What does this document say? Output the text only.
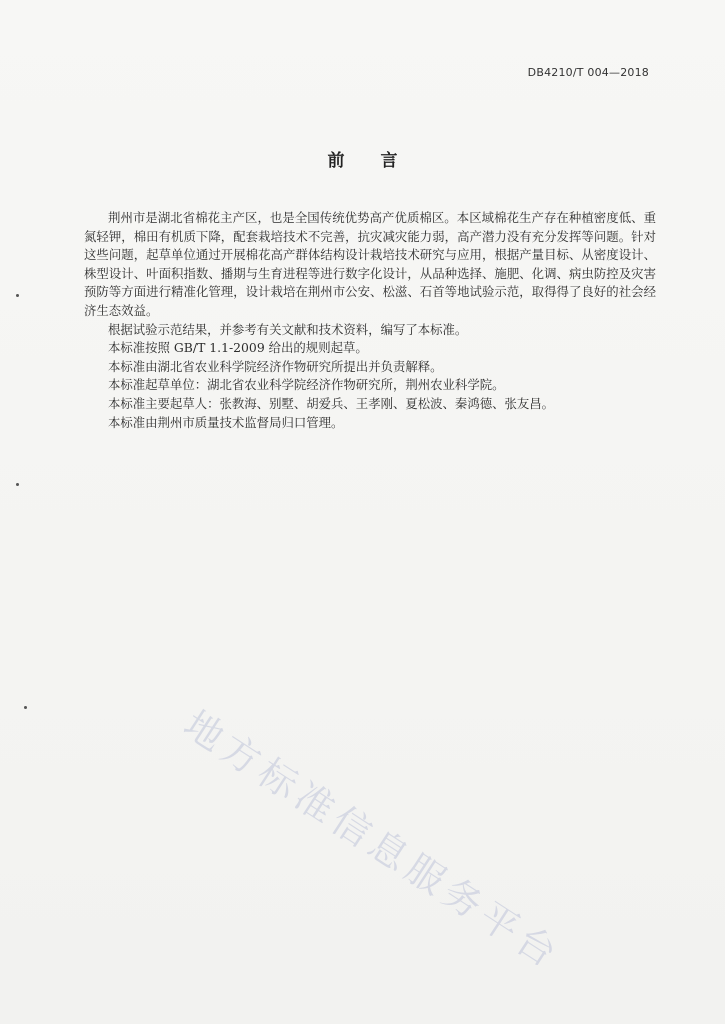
DB4210/T 004—2018
前言

荆州市是湖北省棉花主产区，也是全国传统优势高产优质棉区。本区域棉花生产存在种植密度低、重氮轻钾，棉田有机质下降，配套栽培技术不完善，抗灾减灾能力弱，高产潜力没有充分发挥等问题。针对这些问题，起草单位通过开展棉花高产群体结构设计栽培技术研究与应用，根据产量目标、从密度设计、株型设计、叶面积指数、播期与生育进程等进行数字化设计，从品种选择、施肥、化调、病虫防控及灾害预防等方面进行精准化管理，设计栽培在荆州市公安、松滋、石首等地试验示范，取得得了良好的社会经济生态效益。

根据试验示范结果，并参考有关文献和技术资料，编写了本标准。

本标准按照 GB/T 1.1-2009 给出的规则起草。

本标准由湖北省农业科学院经济作物研究所提出并负责解释。

本标准起草单位：湖北省农业科学院经济作物研究所，荆州农业科学院。

本标准主要起草人：张教海、别墅、胡爱兵、王孝刚、夏松波、秦鸿德、张友昌。

本标准由荆州市质量技术监督局归口管理。

地方标准信息服务平台
